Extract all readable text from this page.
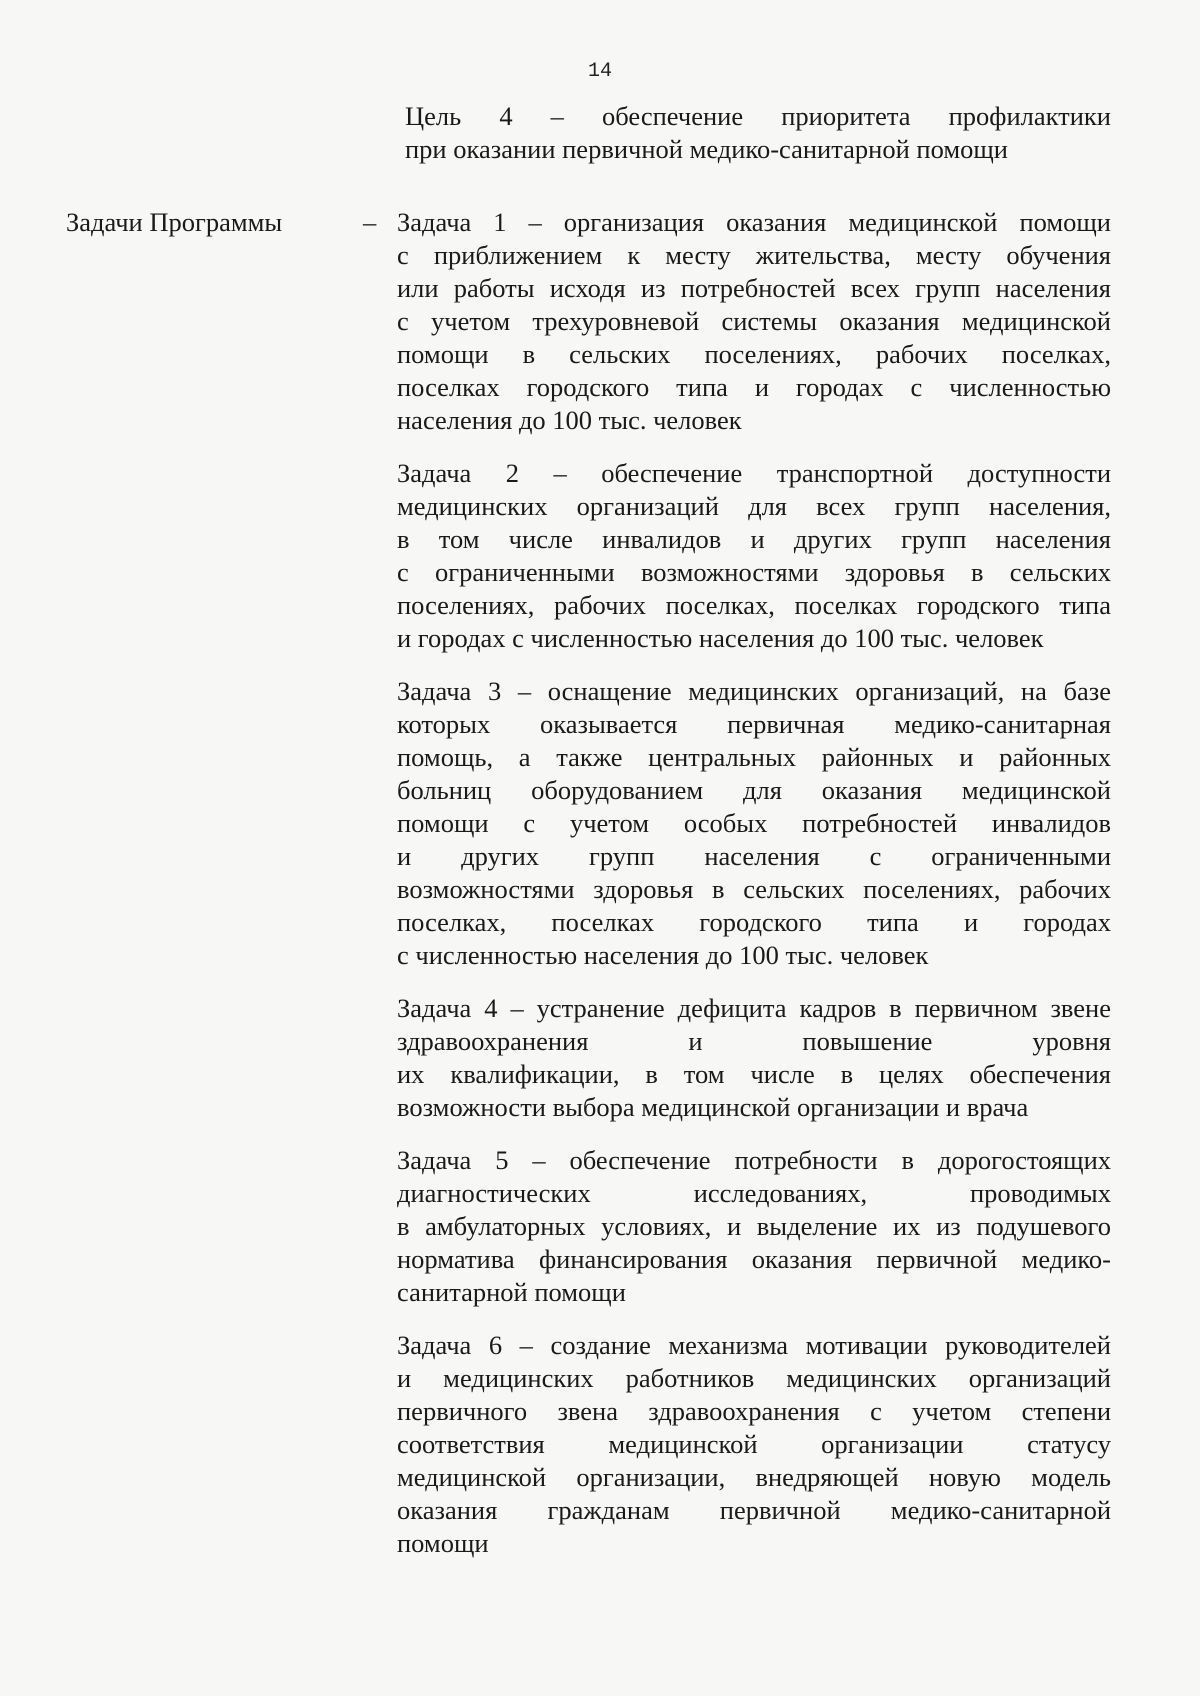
14
Цель 4 – обеспечение приоритета профилактики
при оказании первичной медико-санитарной помощи
Задачи Программы	– Задача 1 – организация оказания медицинской помощи
с приближением к месту жительства, месту обучения
или работы исходя из потребностей всех групп населения
с учетом трехуровневой системы оказания медицинской
помощи в сельских поселениях, рабочих поселках,
поселках городского типа и городах с численностью
населения до 100 тыс. человек
Задача 2 – обеспечение транспортной доступности
медицинских организаций для всех групп населения,
в том числе инвалидов и других групп населения
с ограниченными возможностями здоровья в сельских
поселениях, рабочих поселках, поселках городского типа
и городах с численностью населения до 100 тыс. человек
Задача 3 – оснащение медицинских организаций, на базе
которых оказывается первичная медико-санитарная
помощь, а также центральных районных и районных
больниц оборудованием для оказания медицинской
помощи с учетом особых потребностей инвалидов
и других групп населения с ограниченными
возможностями здоровья в сельских поселениях, рабочих
поселках, поселках городского типа и городах
с численностью населения до 100 тыс. человек
Задача 4 – устранение дефицита кадров в первичном звене
здравоохранения и повышение уровня
их квалификации, в том числе в целях обеспечения
возможности выбора медицинской организации и врача
Задача 5 – обеспечение потребности в дорогостоящих
диагностических исследованиях, проводимых
в амбулаторных условиях, и выделение их из подушевого
норматива финансирования оказания первичной медико-
санитарной помощи
Задача 6 – создание механизма мотивации руководителей
и медицинских работников медицинских организаций
первичного звена здравоохранения с учетом степени
соответствия медицинской организации статусу
медицинской организации, внедряющей новую модель
оказания гражданам первичной медико-санитарной
помощи
